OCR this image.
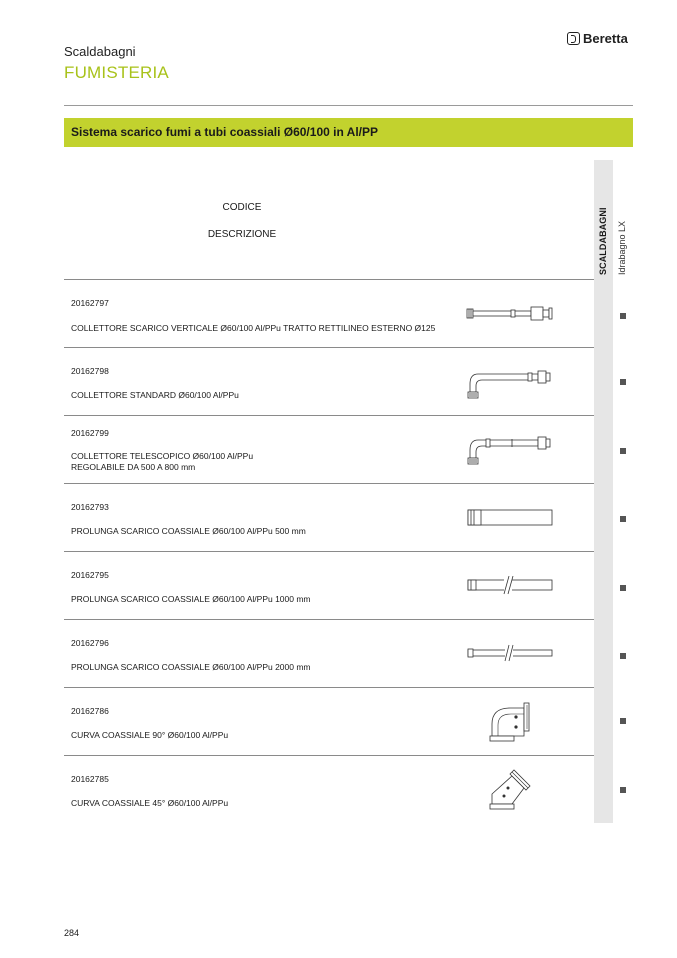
Scaldabagni
FUMISTERIA
Beretta
Sistema scarico fumi a tubi coassiali Ø60/100 in Al/PP
SCALDABAGNI Idrabagno LX
CODICE
DESCRIZIONE
20162797
COLLETTORE SCARICO VERTICALE Ø60/100 Al/PPu TRATTO RETTILINEO ESTERNO Ø125
20162798
COLLETTORE STANDARD Ø60/100 Al/PPu
20162799
COLLETTORE TELESCOPICO Ø60/100 Al/PPu
REGOLABILE DA 500 A 800 mm
20162793
PROLUNGA SCARICO COASSIALE Ø60/100 Al/PPu 500 mm
20162795
PROLUNGA SCARICO COASSIALE Ø60/100 Al/PPu 1000 mm
20162796
PROLUNGA SCARICO COASSIALE Ø60/100 Al/PPu 2000 mm
20162786
CURVA COASSIALE 90° Ø60/100 Al/PPu
20162785
CURVA COASSIALE 45° Ø60/100 Al/PPu
284
